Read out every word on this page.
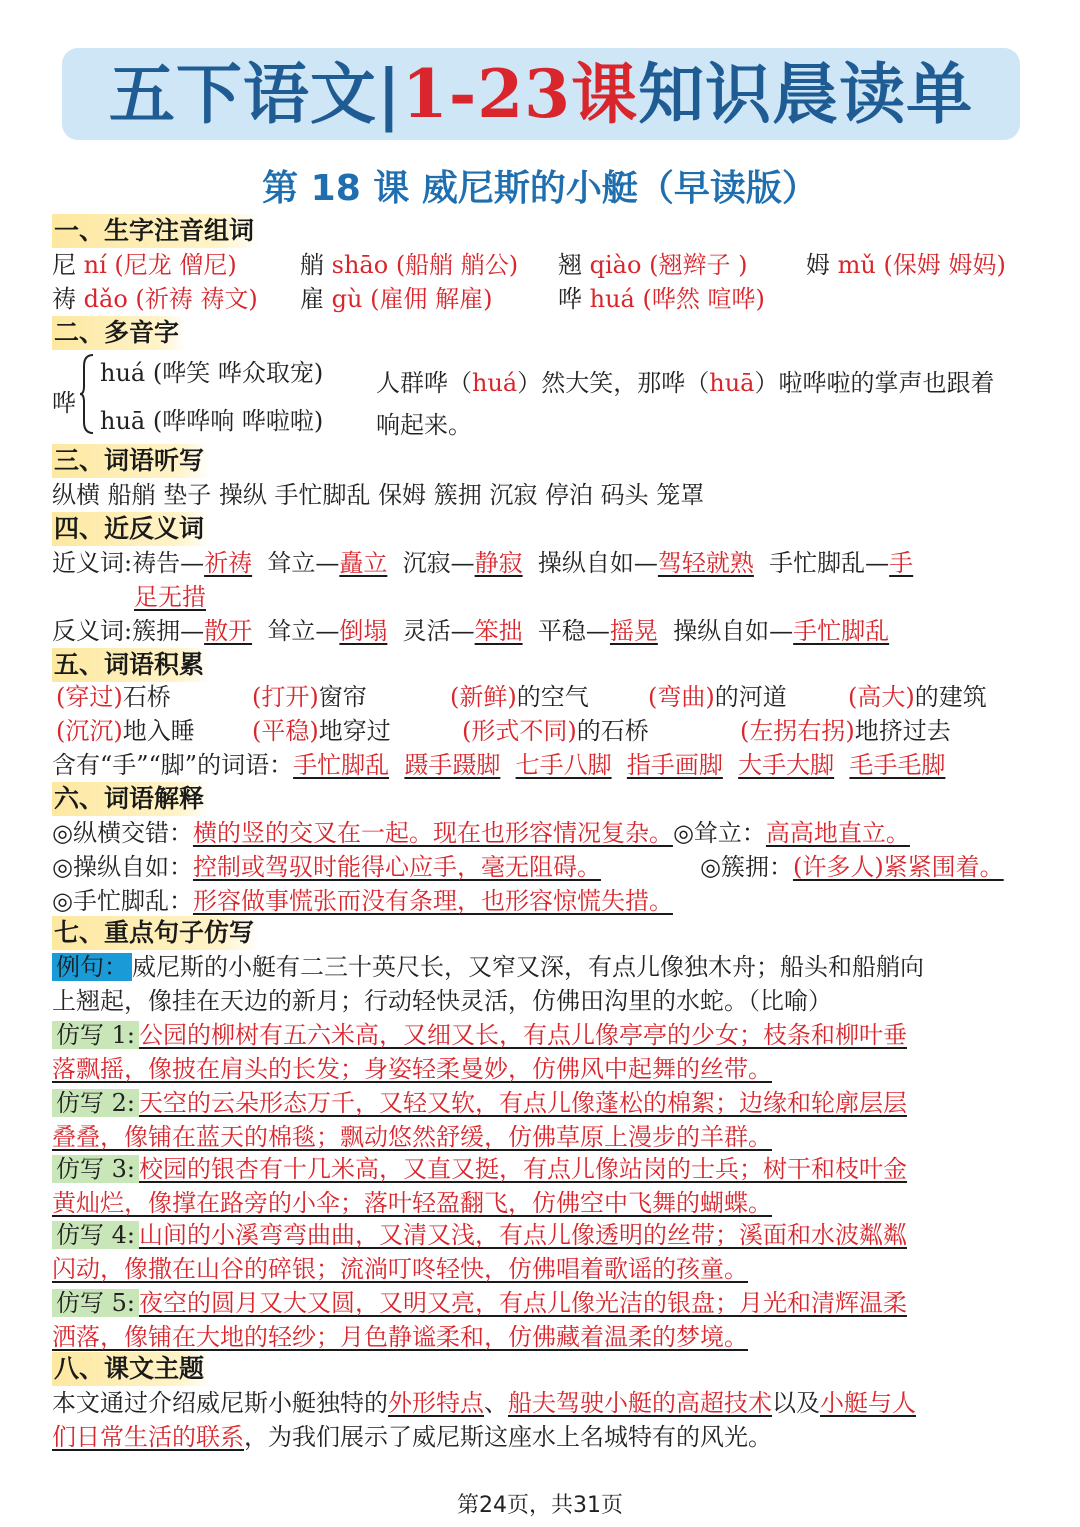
五下语文|1-23课知识晨读单
第 18 课 威尼斯的小艇（早读版）
一、生字注音组词
尼 ní (尼龙 僧尼)	艄 shāo (船艄 艄公) 翘 qiào (翘辫子 ) 姆 mǔ (保姆 姆妈)
祷 dǎo (祈祷 祷文) 雇 gù (雇佣 解雇)	哗 huá (哗然 喧哗)
二、多音字
哗
huá (哗笑 哗众取宠)
huā (哗哗响 哗啦啦)
人群哗（huá）然大笑，那哗（huā）啦哗啦的掌声也跟着
响起来。
三、词语听写
纵横 船艄 垫子 操纵 手忙脚乱 保姆 簇拥 沉寂 停泊 码头 笼罩
四、近反义词
近义词:祷告—祈祷 耸立—矗立 沉寂—静寂 操纵自如—驾轻就熟 手忙脚乱—手
足无措
反义词:簇拥—散开 耸立—倒塌 灵活—笨拙 平稳—摇晃 操纵自如—手忙脚乱
五、词语积累
(穿过)石桥	(打开)窗帘	(新鲜)的空气 (弯曲)的河道	(高大)的建筑
(沉沉)地入睡 (平稳)地穿过	(形式不同)的石桥	(左拐右拐)地挤过去
含有“手”“脚”的词语：手忙脚乱 蹑手蹑脚 七手八脚 指手画脚 大手大脚 毛手毛脚
六、词语解释
◎纵横交错：横的竖的交叉在一起。现在也形容情况复杂。◎耸立：高高地直立。
◎操纵自如：控制或驾驭时能得心应手，毫无阻碍。	◎簇拥：(许多人)紧紧围着。
◎手忙脚乱：形容做事慌张而没有条理，也形容惊慌失措。
七、重点句子仿写
例句： 威尼斯的小艇有二三十英尺长，又窄又深，有点儿像独木舟；船头和船艄向
上翘起，像挂在天边的新月；行动轻快灵活，仿佛田沟里的水蛇。（比喻）
仿写 1: 公园的柳树有五六米高，又细又长，有点儿像亭亭的少女；枝条和柳叶垂
落飘摇，像披在肩头的长发；身姿轻柔曼妙，仿佛风中起舞的丝带。
仿写 2: 天空的云朵形态万千，又轻又软，有点儿像蓬松的棉絮；边缘和轮廓层层
叠叠，像铺在蓝天的棉毯；飘动悠然舒缓，仿佛草原上漫步的羊群。
仿写 3: 校园的银杏有十几米高，又直又挺，有点儿像站岗的士兵；树干和枝叶金
黄灿烂，像撑在路旁的小伞；落叶轻盈翻飞，仿佛空中飞舞的蝴蝶。
仿写 4: 山间的小溪弯弯曲曲，又清又浅，有点儿像透明的丝带；溪面和水波粼粼
闪动，像撒在山谷的碎银；流淌叮咚轻快，仿佛唱着歌谣的孩童。
仿写 5: 夜空的圆月又大又圆，又明又亮，有点儿像光洁的银盘；月光和清辉温柔
洒落，像铺在大地的轻纱；月色静谧柔和，仿佛藏着温柔的梦境。
八、课文主题
本文通过介绍威尼斯小艇独特的外形特点、船夫驾驶小艇的高超技术以及小艇与人
们日常生活的联系，为我们展示了威尼斯这座水上名城特有的风光。
第24页，共31页
